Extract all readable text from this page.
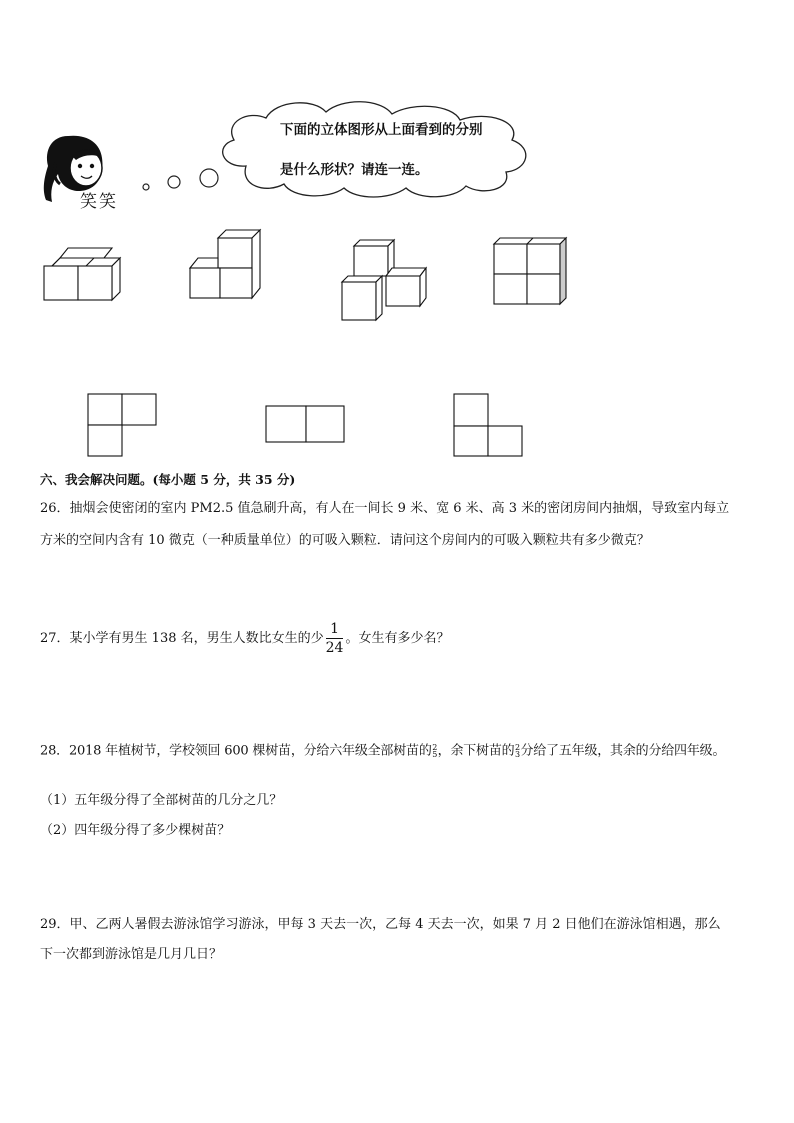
笑笑
下面的立体图形从上面看到的分别
是什么形状？请连一连。
六、我会解决问题。(每小题 5 分，共 35 分)
26．抽烟会使密闭的室内 PM2.5 值急刷升高，有人在一间长 9 米、宽 6 米、高 3 米的密闭房间内抽烟，导致室内每立
方米的空间内含有 10 微克（一种质量单位）的可吸入颗粒．请问这个房间内的可吸入颗粒共有多少微克？
27．某小学有男生 138 名，男生人数比女生的少 $\frac{1}{24}$ 。女生有多少名？
28．2018 年植树节，学校领回 600 棵树苗，分给六年级全部树苗的 2
5 ，余下树苗的 2
3 分给了五年级，其余的分给四年级。
（1）五年级分得了全部树苗的几分之几？
（2）四年级分得了多少棵树苗？
29．甲、乙两人暑假去游泳馆学习游泳，甲每 3 天去一次，乙每 4 天去一次，如果 7 月 2 日他们在游泳馆相遇，那么
下一次都到游泳馆是几月几日？
